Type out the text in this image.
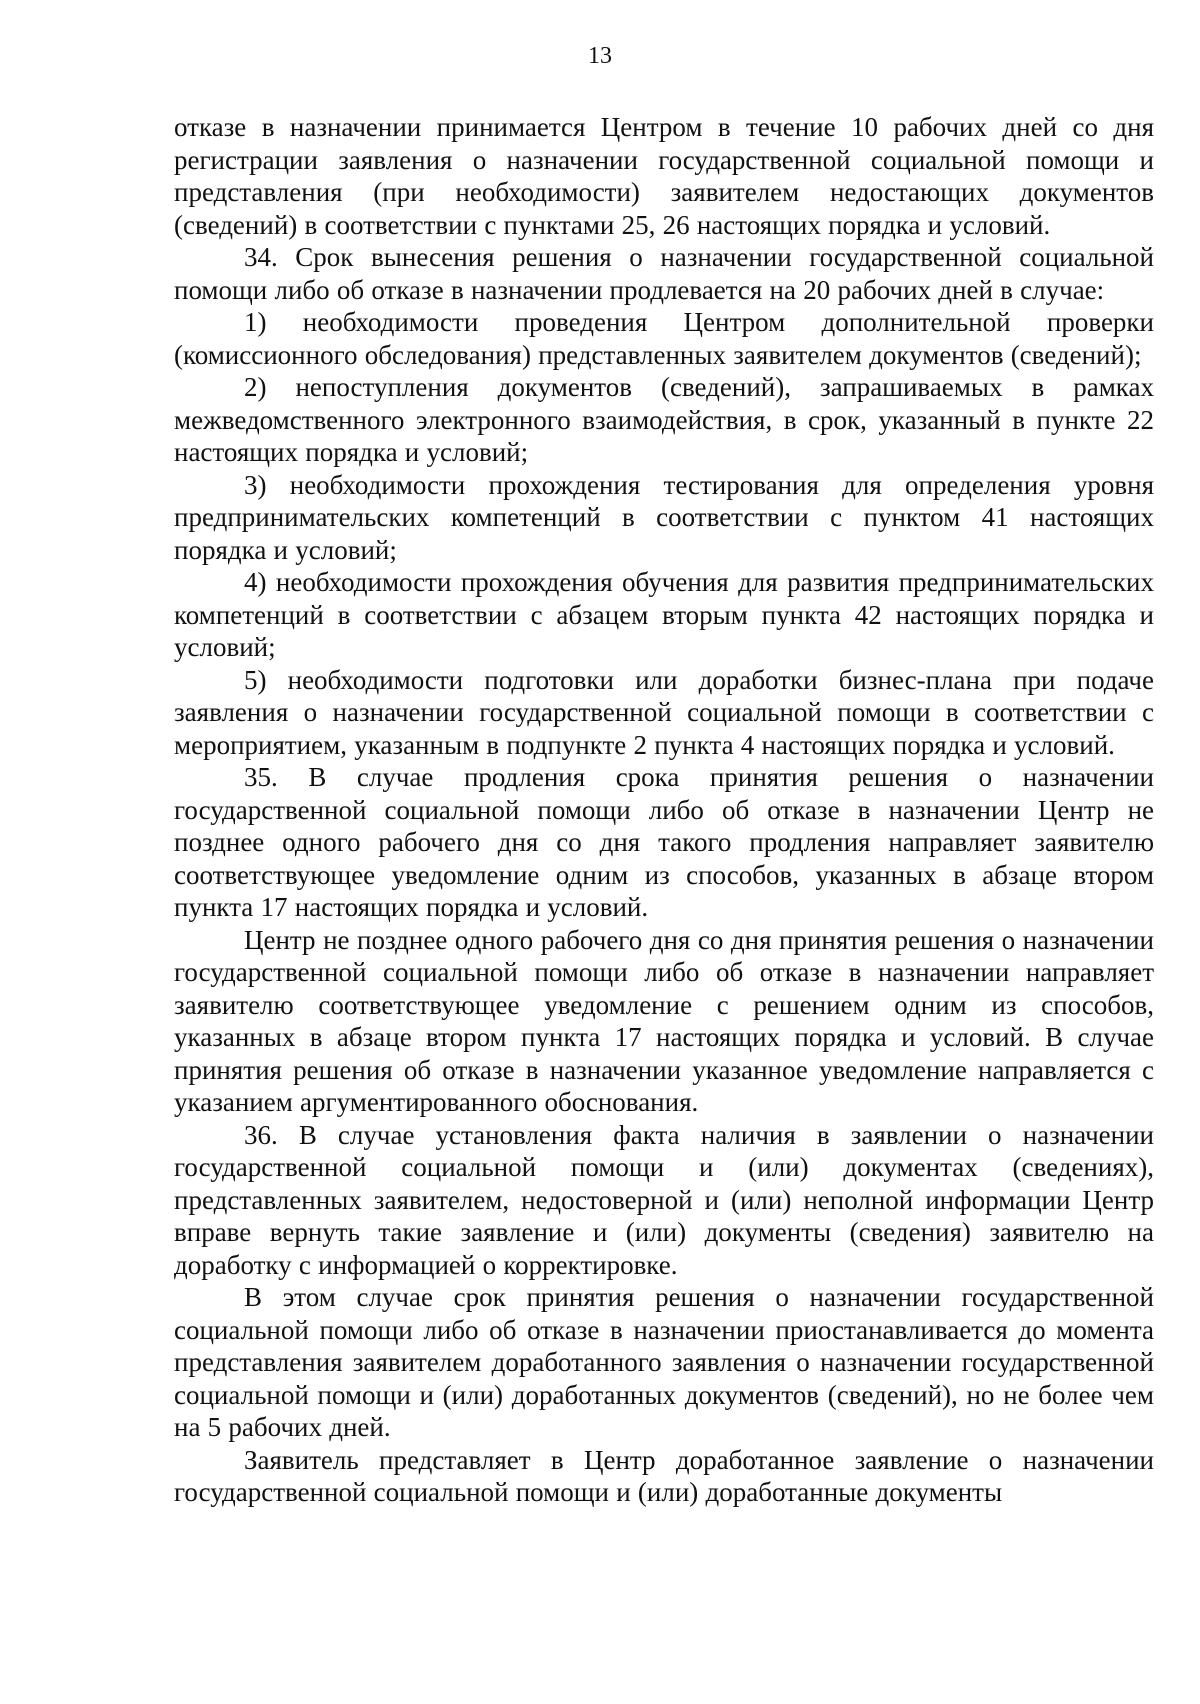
13

отказе в назначении принимается Центром в течение 10 рабочих дней со дня регистрации заявления о назначении государственной социальной помощи и представления (при необходимости) заявителем недостающих документов (сведений) в соответствии с пунктами 25, 26 настоящих порядка и условий.

34. Срок вынесения решения о назначении государственной социальной помощи либо об отказе в назначении продлевается на 20 рабочих дней в случае:

1) необходимости проведения Центром дополнительной проверки (комиссионного обследования) представленных заявителем документов (сведений);

2) непоступления документов (сведений), запрашиваемых в рамках межведомственного электронного взаимодействия, в срок, указанный в пункте 22 настоящих порядка и условий;

3) необходимости прохождения тестирования для определения уровня предпринимательских компетенций в соответствии с пунктом 41 настоящих порядка и условий;

4) необходимости прохождения обучения для развития предпринимательских компетенций в соответствии с абзацем вторым пункта 42 настоящих порядка и условий;

5) необходимости подготовки или доработки бизнес-плана при подаче заявления о назначении государственной социальной помощи в соответствии с мероприятием, указанным в подпункте 2 пункта 4 настоящих порядка и условий.

35. В случае продления срока принятия решения о назначении государственной социальной помощи либо об отказе в назначении Центр не позднее одного рабочего дня со дня такого продления направляет заявителю соответствующее уведомление одним из способов, указанных в абзаце втором пункта 17 настоящих порядка и условий.

Центр не позднее одного рабочего дня со дня принятия решения о назначении государственной социальной помощи либо об отказе в назначении направляет заявителю соответствующее уведомление с решением одним из способов, указанных в абзаце втором пункта 17 настоящих порядка и условий. В случае принятия решения об отказе в назначении указанное уведомление направляется с указанием аргументированного обоснования.

36. В случае установления факта наличия в заявлении о назначении государственной социальной помощи и (или) документах (сведениях), представленных заявителем, недостоверной и (или) неполной информации Центр вправе вернуть такие заявление и (или) документы (сведения) заявителю на доработку с информацией о корректировке.

В этом случае срок принятия решения о назначении государственной социальной помощи либо об отказе в назначении приостанавливается до момента представления заявителем доработанного заявления о назначении государственной социальной помощи и (или) доработанных документов (сведений), но не более чем на 5 рабочих дней.

Заявитель представляет в Центр доработанное заявление о назначении государственной социальной помощи и (или) доработанные документы
